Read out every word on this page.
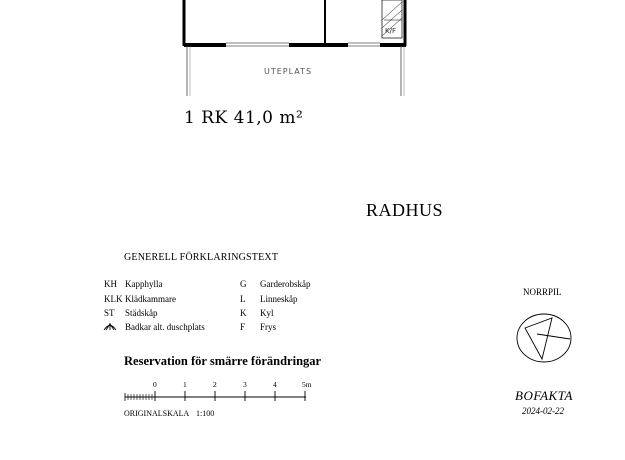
UTEPLATS
K/F
1 RK 41,0 m²
RADHUS
GENERELL FÖRKLARINGSTEXT
KH Kapphylla
KLK Klädkammare
ST Städskåp
Badkar alt. duschplats
G Garderobskåp
L Linneskåp
K Kyl
F Frys
Reservation för smärre förändringar
0	1	2	3	4	5m
ORIGINALSKALA 1:100
NORRPIL
BOFAKTA
2024-02-22
